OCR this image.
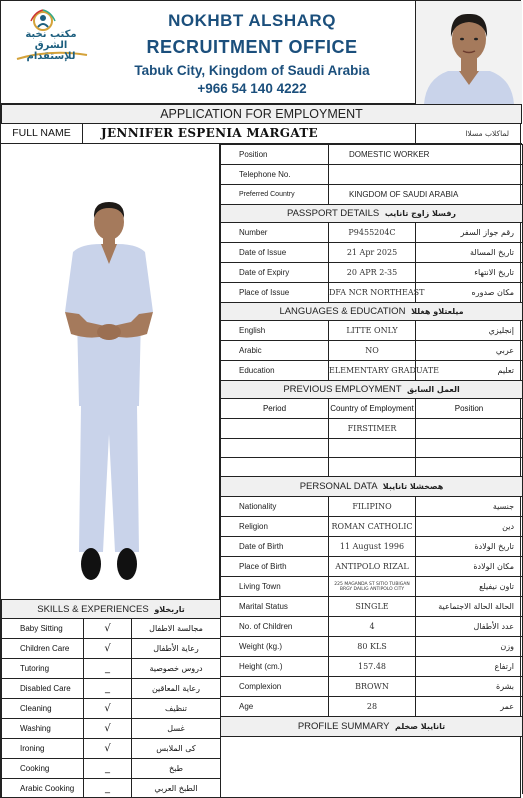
مكتب نخبة الشرق للإستقدام
NOKHBT ALSHARQ
RECRUITMENT OFFICE
Tabuk City, Kingdom of Saudi Arabia
+966 54 140 4222
APPLICATION FOR EMPLOYMENT
FULL NAME	JENNIFER ESPENIA MARGATE	لماكلاب مسلاا
Position	DOMESTIC WORKER	
Telephone No.		
Preferred Country	KINGDOM OF SAUDI ARABIA	
PASSPORT DETAILS رفسلا زاوج تانايب		
Number	P9455204C	رقم جواز السفر
Date of Issue	21 Apr 2025	تاريخ المسالة
Date of Expiry	20 APR 2-35	تاريخ الانتهاء
Place of Issue	DFA NCR NORTHEAST	مكان صدوره
LANGUAGES & EDUCATION ميلعتلاو هغللا		
English	LITTE ONLY	إنجليزي
Arabic	NO	عربي
Education	ELEMENTARY GRADUATE	تعليم
PREVIOUS EMPLOYMENT العمل السابق		
Period	Country of Employment	Position
	FIRSTIMER	

PERSONAL DATA هصخشلا تانايبلا		
Nationality	FILIPINO	جنسية
Religion	ROMAN CATHOLIC	دين
Date of Birth	11 August 1996	تاريخ الولادة
Place of Birth	ANTIPOLO RIZAL	مكان الولادة
Living Town	225 MAGANDA ST SITIO TUBIGAN BRGY DAILIG ANTIPOLO CITY	تاون نيفيلع
Marital Status	SINGLE	الحالة الحالة الاجتماعية
No. of Children	4	عدد الأطفال
Weight (kg.)	80 KLS	وزن
Height (cm.)	157.48	ارتفاع
Complexion	BROWN	بشرة
Age	28	عمر
PROFILE SUMMARY تانايبلا صخلم		

SKILLS & EXPERIENCES تاربخلاو		
Baby Sitting	√	مجالسة الاطفال
Children Care	√	رعاية الأطفال
Tutoring	_	دروس خصوصية
Disabled Care	_	رعاية المعاقين
Cleaning	√	تنظيف
Washing	√	غسل
Ironing	√	كى الملابس
Cooking	_	طبخ
Arabic Cooking	_	الطبخ العربي
